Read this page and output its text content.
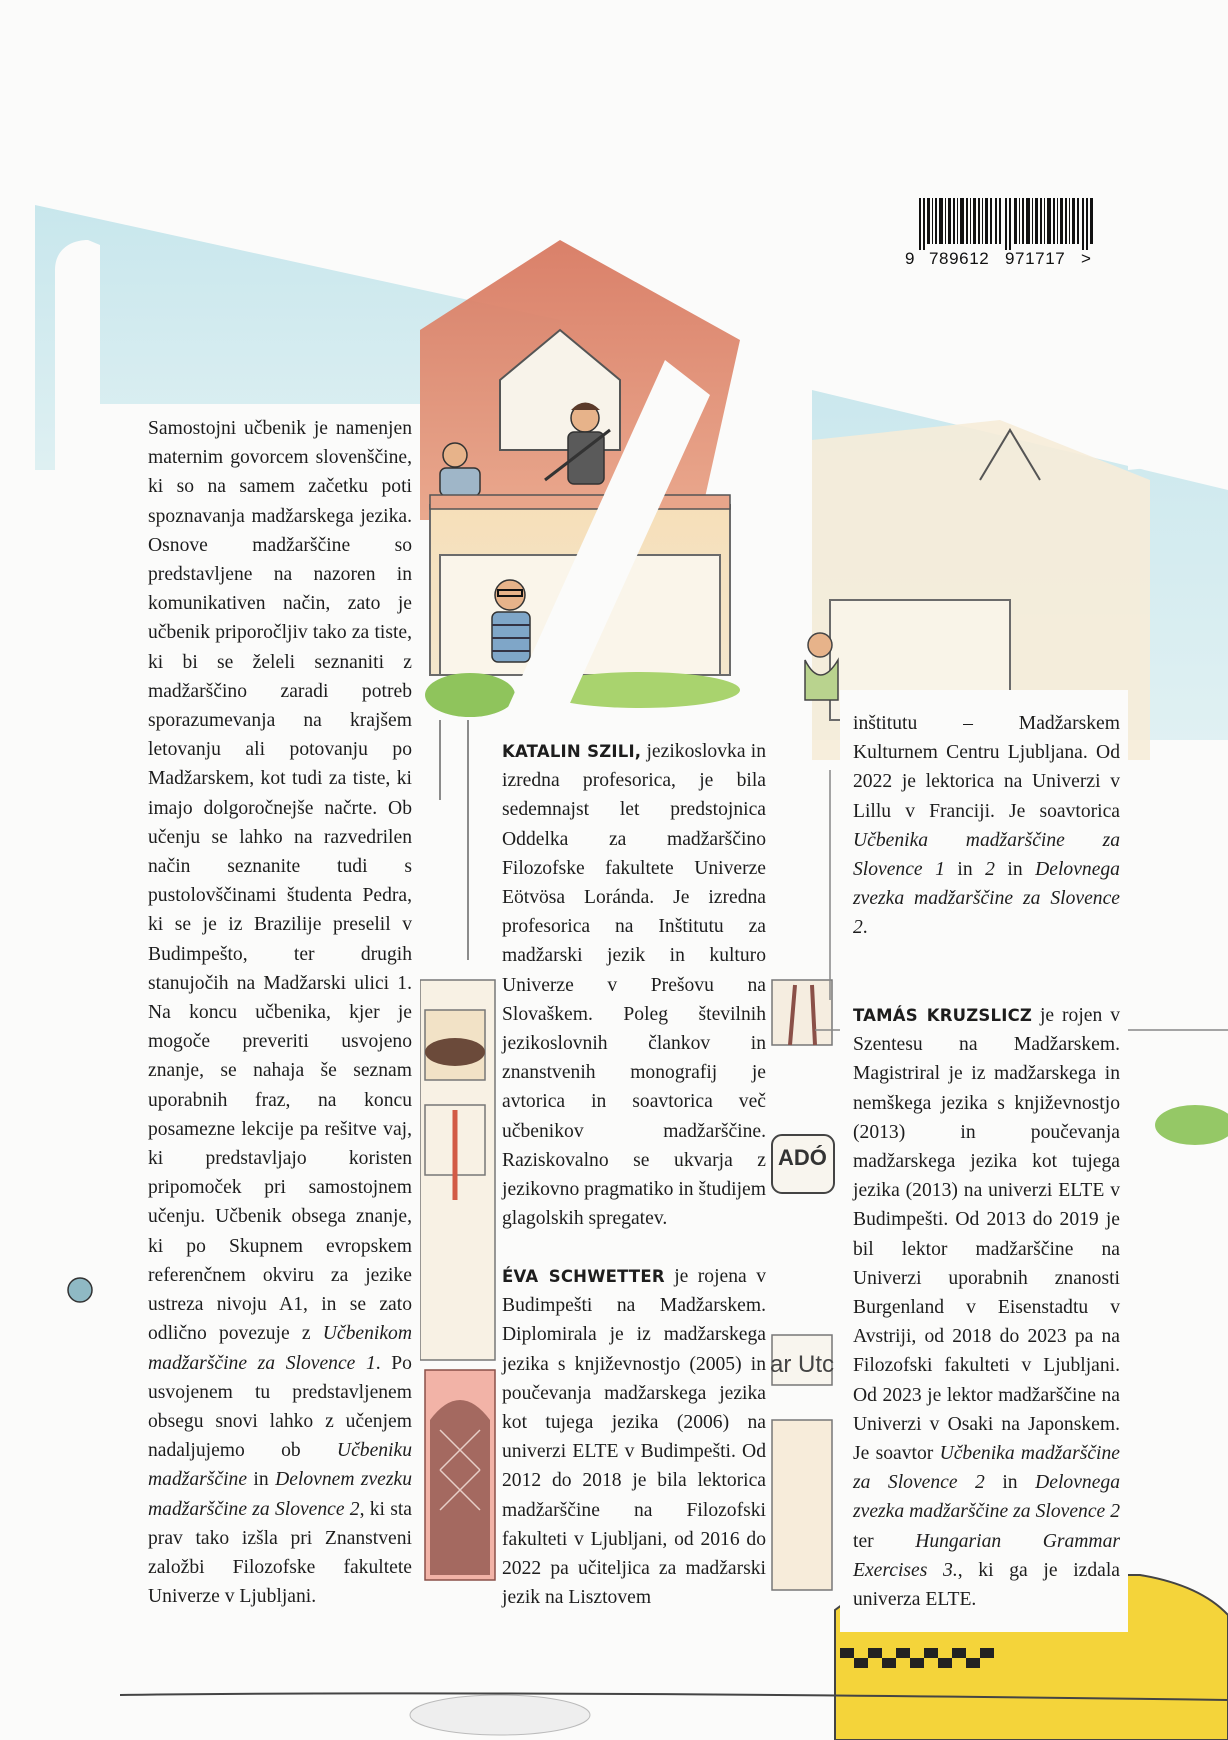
ADÓ
ar Utc
9 789612 971717 >

Samostojni učbenik je namenjen maternim govorcem slovenščine, ki so na samem začetku poti spoznavanja madžarskega jezika. Osnove madžarščine so predstavljene na nazoren in komunikativen način, zato je učbenik priporočljiv tako za tiste, ki bi se želeli seznaniti z madžarščino zaradi potreb sporazumevanja na krajšem letovanju ali potovanju po Madžarskem, kot tudi za tiste, ki imajo dolgoročnejše načrte. Ob učenju se lahko na razvedrilen način seznanite tudi s pustolovščinami študenta Pedra, ki se je iz Brazilije preselil v Budimpešto, ter drugih stanujočih na Madžarski ulici 1. Na koncu učbenika, kjer je mogoče preveriti usvojeno znanje, se nahaja še seznam uporabnih fraz, na koncu posamezne lekcije pa rešitve vaj, ki predstavljajo koristen pripomoček pri samostojnem učenju. Učbenik obsega znanje, ki po Skupnem evropskem referenčnem okviru za jezike ustreza nivoju A1, in se zato odlično povezuje z Učbenikom madžarščine za Slovence 1. Po usvojenem tu predstavljenem obsegu snovi lahko z učenjem nadaljujemo ob Učbeniku madžarščine in Delovnem zvezku madžarščine za Slovence 2, ki sta prav tako izšla pri Znanstveni založbi Filozofske fakultete Univerze v Ljubljani.

KATALIN SZILI, jezikoslovka in izredna profesorica, je bila sedemnajst let predstojnica Oddelka za madžarščino Filozofske fakultete Univerze Eötvösa Loránda. Je izredna profesorica na Inštitutu za madžarski jezik in kulturo Univerze v Prešovu na Slovaškem. Poleg številnih jezikoslovnih člankov in znanstvenih monografij je avtorica in soavtorica več učbenikov madžarščine. Raziskovalno se ukvarja z jezikovno pragmatiko in študijem glagolskih spregatev.

ÉVA SCHWETTER je rojena v Budimpešti na Madžarskem. Diplomirala je iz madžarskega jezika s književnostjo (2005) in poučevanja madžarskega jezika kot tujega jezika (2006) na univerzi ELTE v Budimpešti. Od 2012 do 2018 je bila lektorica madžarščine na Filozofski fakulteti v Ljubljani, od 2016 do 2022 pa učiteljica za madžarski jezik na Lisztovem

inštitutu – Madžarskem Kulturnem Centru Ljubljana. Od 2022 je lektorica na Univerzi v Lillu v Franciji. Je soavtorica Učbenika madžarščine za Slovence 1 in 2 in Delovnega zvezka madžarščine za Slovence 2.

TAMÁS KRUZSLICZ je rojen v Szentesu na Madžarskem. Magistriral je iz madžarskega in nemškega jezika s književnostjo (2013) in poučevanja madžarskega jezika kot tujega jezika (2013) na univerzi ELTE v Budimpešti. Od 2013 do 2019 je bil lektor madžarščine na Univerzi uporabnih znanosti Burgenland v Eisenstadtu v Avstriji, od 2018 do 2023 pa na Filozofski fakulteti v Ljubljani. Od 2023 je lektor madžarščine na Univerzi v Osaki na Japonskem. Je soavtor Učbenika madžarščine za Slovence 2 in Delovnega zvezka madžarščine za Slovence 2 ter Hungarian Grammar Exercises 3., ki ga je izdala univerza ELTE.
